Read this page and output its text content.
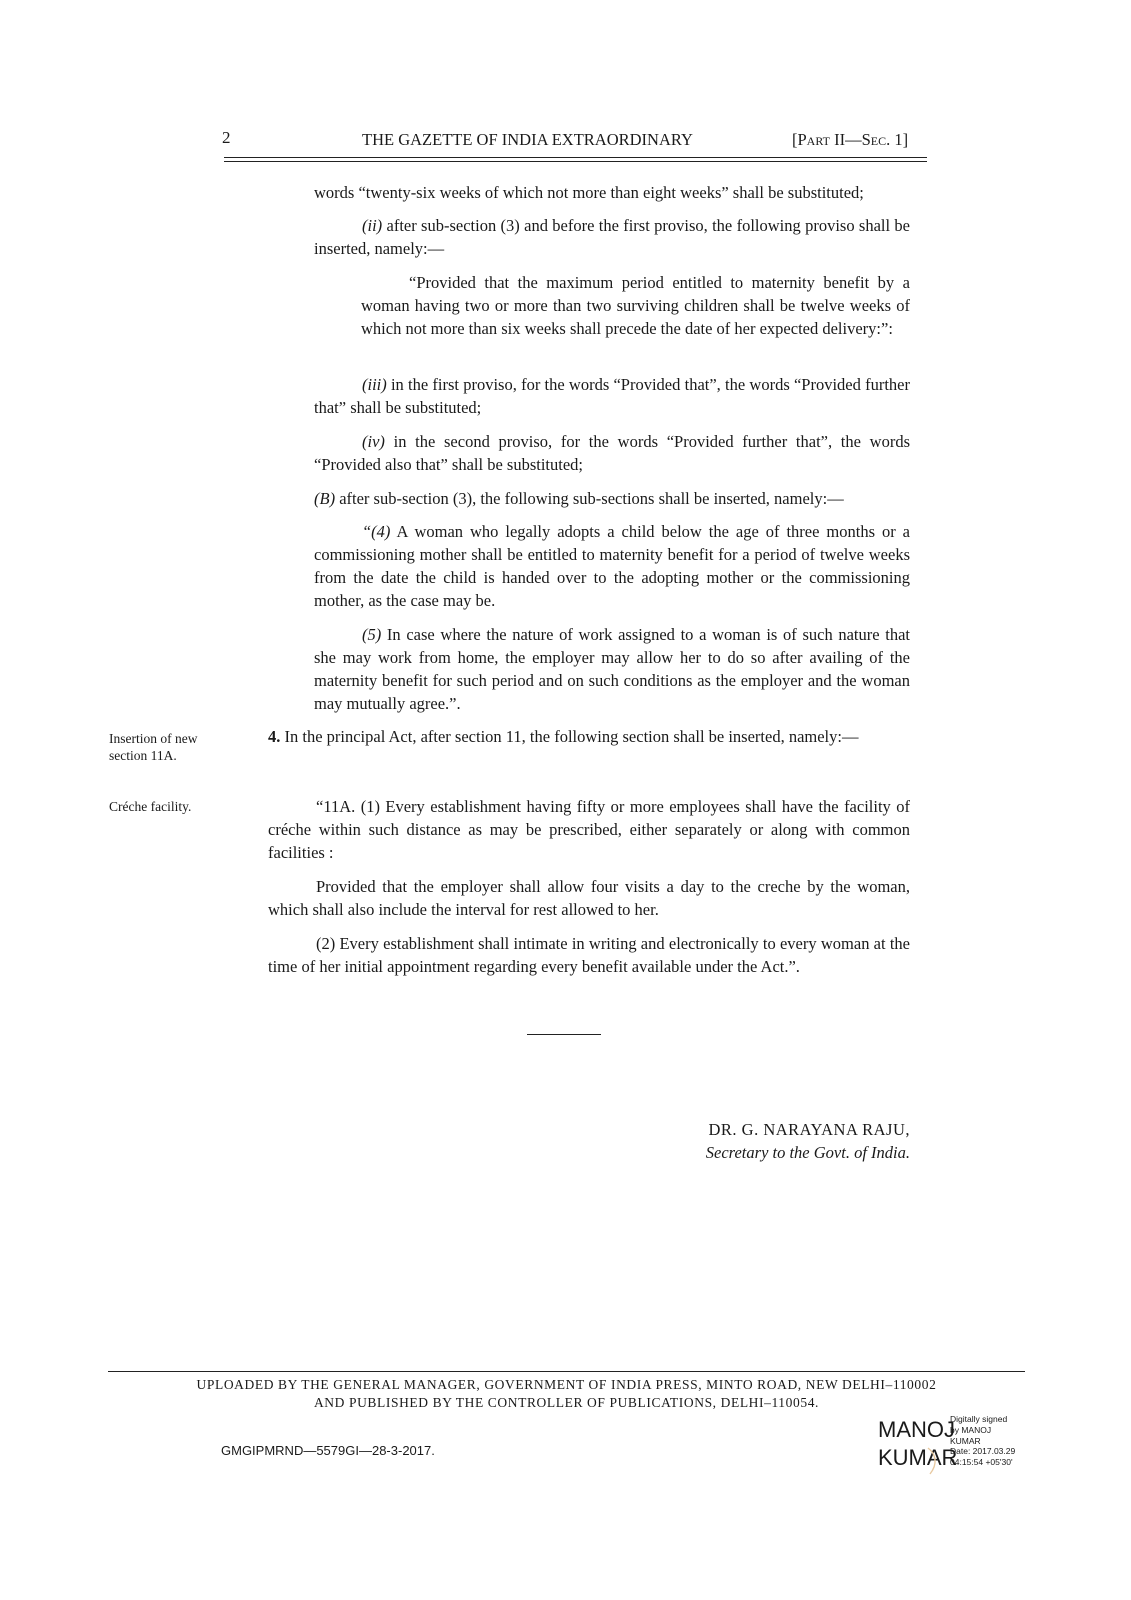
2	THE GAZETTE OF INDIA EXTRAORDINARY	[Part II—Sec. 1]

words “twenty-six weeks of which not more than eight weeks” shall be substituted;

(ii) after sub-section (3) and before the first proviso, the following proviso shall be inserted, namely:—
“Provided that the maximum period entitled to maternity benefit by a woman having two or more than two surviving children shall be twelve weeks of which not more than six weeks shall precede the date of her expected delivery:”:
(iii) in the first proviso, for the words “Provided that”, the words “Provided further that” shall be substituted;
(iv) in the second proviso, for the words “Provided further that”, the words “Provided also that” shall be substituted;
(B) after sub-section (3), the following sub-sections shall be inserted, namely:—
“(4) A woman who legally adopts a child below the age of three months or a commissioning mother shall be entitled to maternity benefit for a period of twelve weeks from the date the child is handed over to the adopting mother or the commissioning mother, as the case may be.
(5) In case where the nature of work assigned to a woman is of such nature that she may work from home, the employer may allow her to do so after availing of the maternity benefit for such period and on such conditions as the employer and the woman may mutually agree.”.
4. In the principal Act, after section 11, the following section shall be inserted, namely:—
“11A. (1) Every establishment having fifty or more employees shall have the facility of créche within such distance as may be prescribed, either separately or along with common facilities :
Provided that the employer shall allow four visits a day to the creche by the woman, which shall also include the interval for rest allowed to her.
(2) Every establishment shall intimate in writing and electronically to every woman at the time of her initial appointment regarding every benefit available under the Act.”.
Insertion of new section 11A.
Créche facility.
DR. G. NARAYANA RAJU,
Secretary to the Govt. of India.
UPLOADED BY THE GENERAL MANAGER, GOVERNMENT OF INDIA PRESS, MINTO ROAD, NEW DELHI–110002
AND PUBLISHED BY THE CONTROLLER OF PUBLICATIONS, DELHI–110054.
GMGIPMRND—5579GI—28-3-2017.
MANOJ
KUMAR
Digitally signed
by MANOJ
KUMAR
Date: 2017.03.29
04:15:54 +05'30'
